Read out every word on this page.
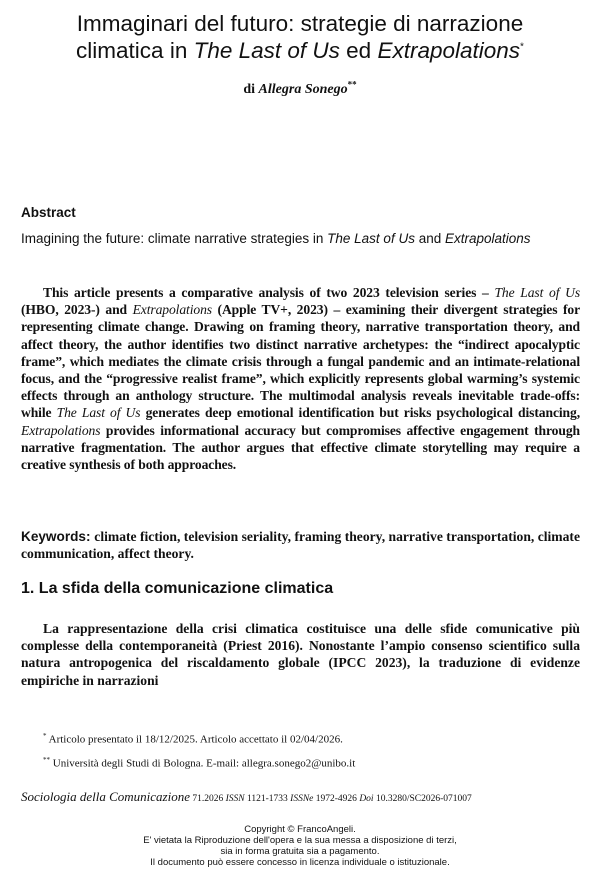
Immaginari del futuro: strategie di narrazione
climatica in The Last of Us ed Extrapolations*
di Allegra Sonego**
Abstract
Imagining the future: climate narrative strategies in The Last of Us and Extrapolations
This article presents a comparative analysis of two 2023 television series – The Last of Us (HBO, 2023-) and Extrapolations (Apple TV+, 2023) – examining their divergent strategies for representing climate change. Drawing on framing theory, narrative transportation theory, and affect theory, the author identifies two distinct narrative archetypes: the “indirect apocalyptic frame”, which mediates the climate crisis through a fungal pandemic and an intimate-relational focus, and the “progressive realist frame”, which explicitly represents global warming’s systemic effects through an anthology structure. The multimodal analysis reveals inevitable trade-offs: while The Last of Us generates deep emotional identification but risks psychological distancing, Extrapolations provides informational accuracy but compromises affective engagement through narrative fragmentation. The author argues that effective climate storytelling may require a creative synthesis of both approaches.
Keywords: climate fiction, television seriality, framing theory, narrative transportation, climate communication, affect theory.
1. La sfida della comunicazione climatica
La rappresentazione della crisi climatica costituisce una delle sfide comunicative più complesse della contemporaneità (Priest 2016). Nonostante l’ampio consenso scientifico sulla natura antropogenica del riscaldamento globale (IPCC 2023), la traduzione di evidenze empiriche in narrazioni
* Articolo presentato il 18/12/2025. Articolo accettato il 02/04/2026.
** Università degli Studi di Bologna. E-mail: allegra.sonego2@unibo.it
Sociologia della Comunicazione 71.2026 ISSN 1121-1733 ISSNe 1972-4926 Doi 10.3280/SC2026-071007
Copyright © FrancoAngeli.
E' vietata la Riproduzione dell'opera e la sua messa a disposizione di terzi,
sia in forma gratuita sia a pagamento.
Il documento può essere concesso in licenza individuale o istituzionale.
